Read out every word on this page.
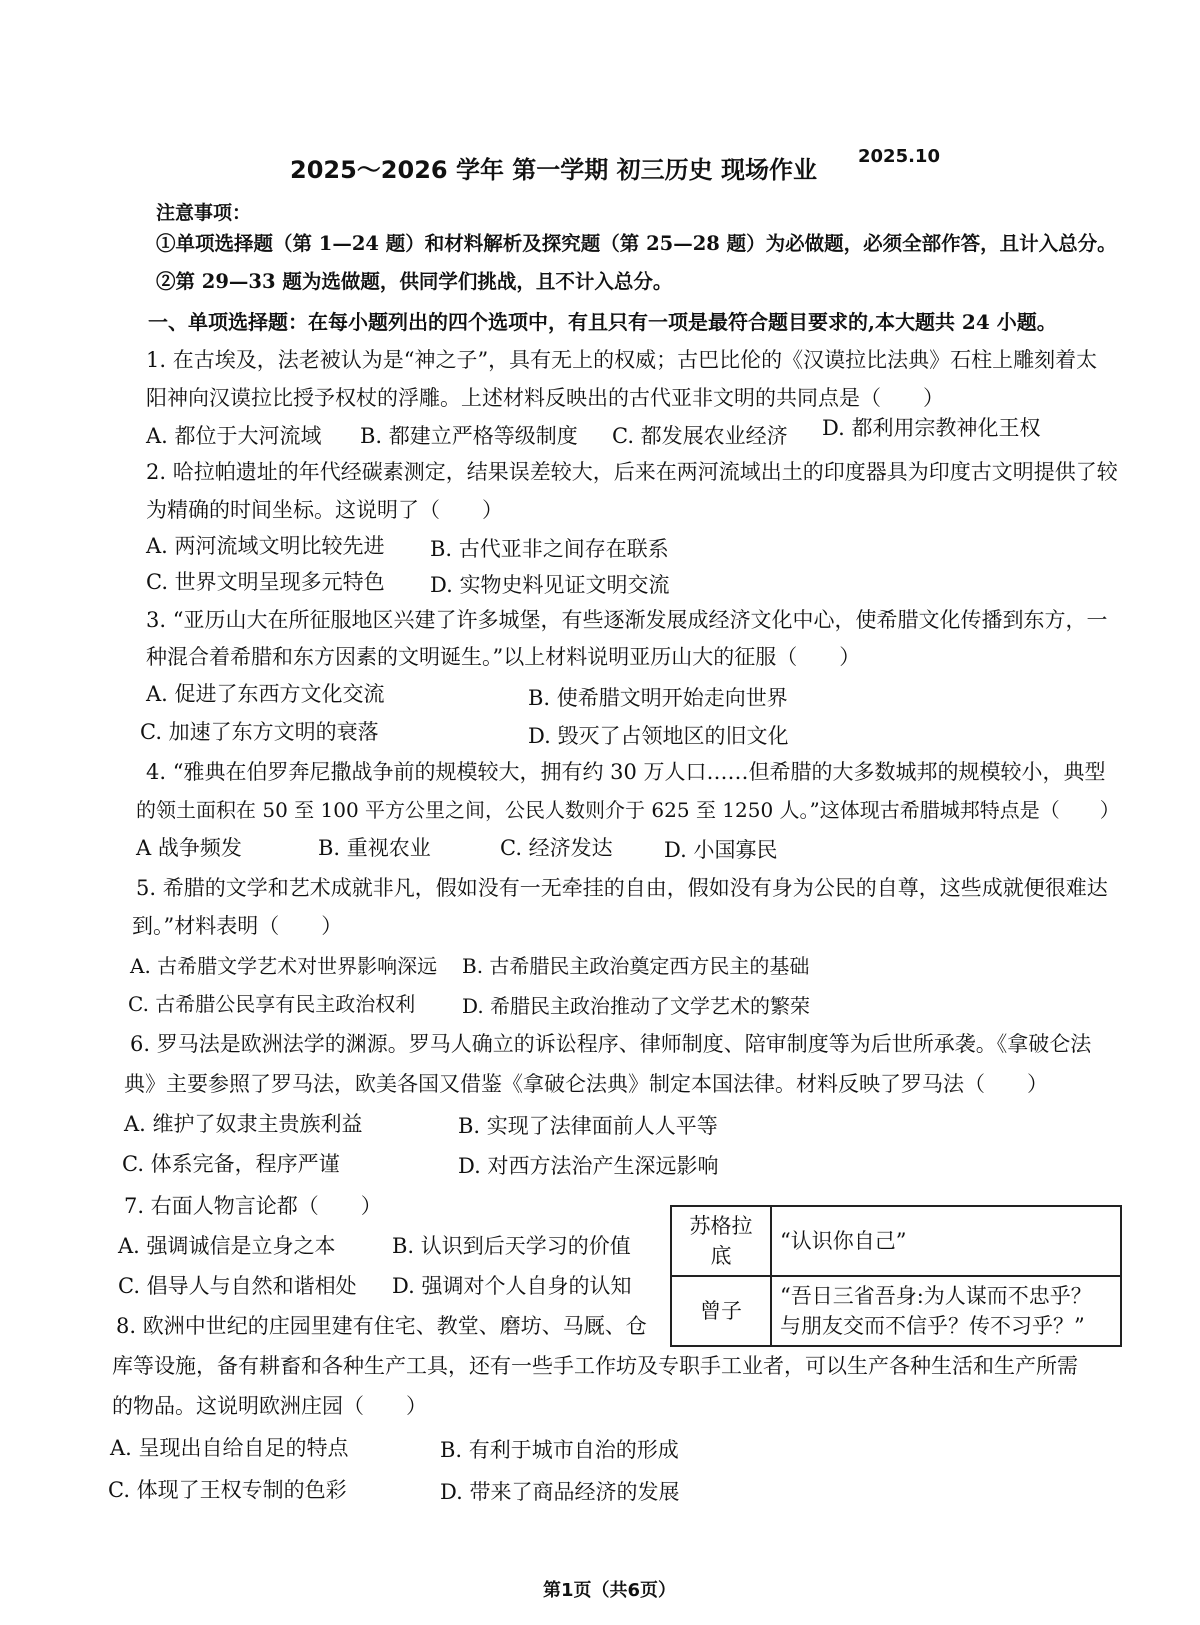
2025～2026 学年 第一学期 初三历史 现场作业 2025.10
注意事项：
①单项选择题（第 1—24 题）和材料解析及探究题（第 25—28 题）为必做题，必须全部作答，且计入总分。
②第 29—33 题为选做题，供同学们挑战，且不计入总分。
一、单项选择题：在每小题列出的四个选项中，有且只有一项是最符合题目要求的,本大题共 24 小题。
1. 在古埃及，法老被认为是“神之子”，具有无上的权威；古巴比伦的《汉谟拉比法典》石柱上雕刻着太
阳神向汉谟拉比授予权杖的浮雕。上述材料反映出的古代亚非文明的共同点是（　　）
A. 都位于大河流域 B. 都建立严格等级制度 C. 都发展农业经济 D. 都利用宗教神化王权
2. 哈拉帕遗址的年代经碳素测定，结果误差较大，后来在两河流域出土的印度器具为印度古文明提供了较
为精确的时间坐标。这说明了（　　）
A. 两河流域文明比较先进 B. 古代亚非之间存在联系
C. 世界文明呈现多元特色 D. 实物史料见证文明交流
3. “亚历山大在所征服地区兴建了许多城堡，有些逐渐发展成经济文化中心，使希腊文化传播到东方，一
种混合着希腊和东方因素的文明诞生。”以上材料说明亚历山大的征服（　　）
A. 促进了东西方文化交流	B. 使希腊文明开始走向世界
C. 加速了东方文明的衰落	D. 毁灭了占领地区的旧文化
4. “雅典在伯罗奔尼撒战争前的规模较大，拥有约 30 万人口……但希腊的大多数城邦的规模较小，典型
的领土面积在 50 至 100 平方公里之间，公民人数则介于 625 至 1250 人。”这体现古希腊城邦特点是（　　）
A 战争频发	B. 重视农业	C. 经济发达 D. 小国寡民
5. 希腊的文学和艺术成就非凡，假如没有一无牵挂的自由，假如没有身为公民的自尊，这些成就便很难达
到。”材料表明（　　）
A. 古希腊文学艺术对世界影响深远 B. 古希腊民主政治奠定西方民主的基础
C. 古希腊公民享有民主政治权利 D. 希腊民主政治推动了文学艺术的繁荣
6. 罗马法是欧洲法学的渊源。罗马人确立的诉讼程序、律师制度、陪审制度等为后世所承袭。《拿破仑法
典》主要参照了罗马法，欧美各国又借鉴《拿破仑法典》制定本国法律。材料反映了罗马法（　　）
A. 维护了奴隶主贵族利益	B. 实现了法律面前人人平等
C. 体系完备，程序严谨	D. 对西方法治产生深远影响
7. 右面人物言论都（　　）
A. 强调诚信是立身之本	B. 认识到后天学习的价值
C. 倡导人与自然和谐相处 D. 强调对个人自身的认知
苏格拉底	“认识你自己”
曾子	“吾日三省吾身:为人谋而不忠乎？与朋友交而不信乎？传不习乎？”
8. 欧洲中世纪的庄园里建有住宅、教堂、磨坊、马厩、仓
库等设施，备有耕畜和各种生产工具，还有一些手工作坊及专职手工业者，可以生产各种生活和生产所需
的物品。这说明欧洲庄园（　　）
A. 呈现出自给自足的特点	B. 有利于城市自治的形成
C. 体现了王权专制的色彩	D. 带来了商品经济的发展
第1页（共6页）
